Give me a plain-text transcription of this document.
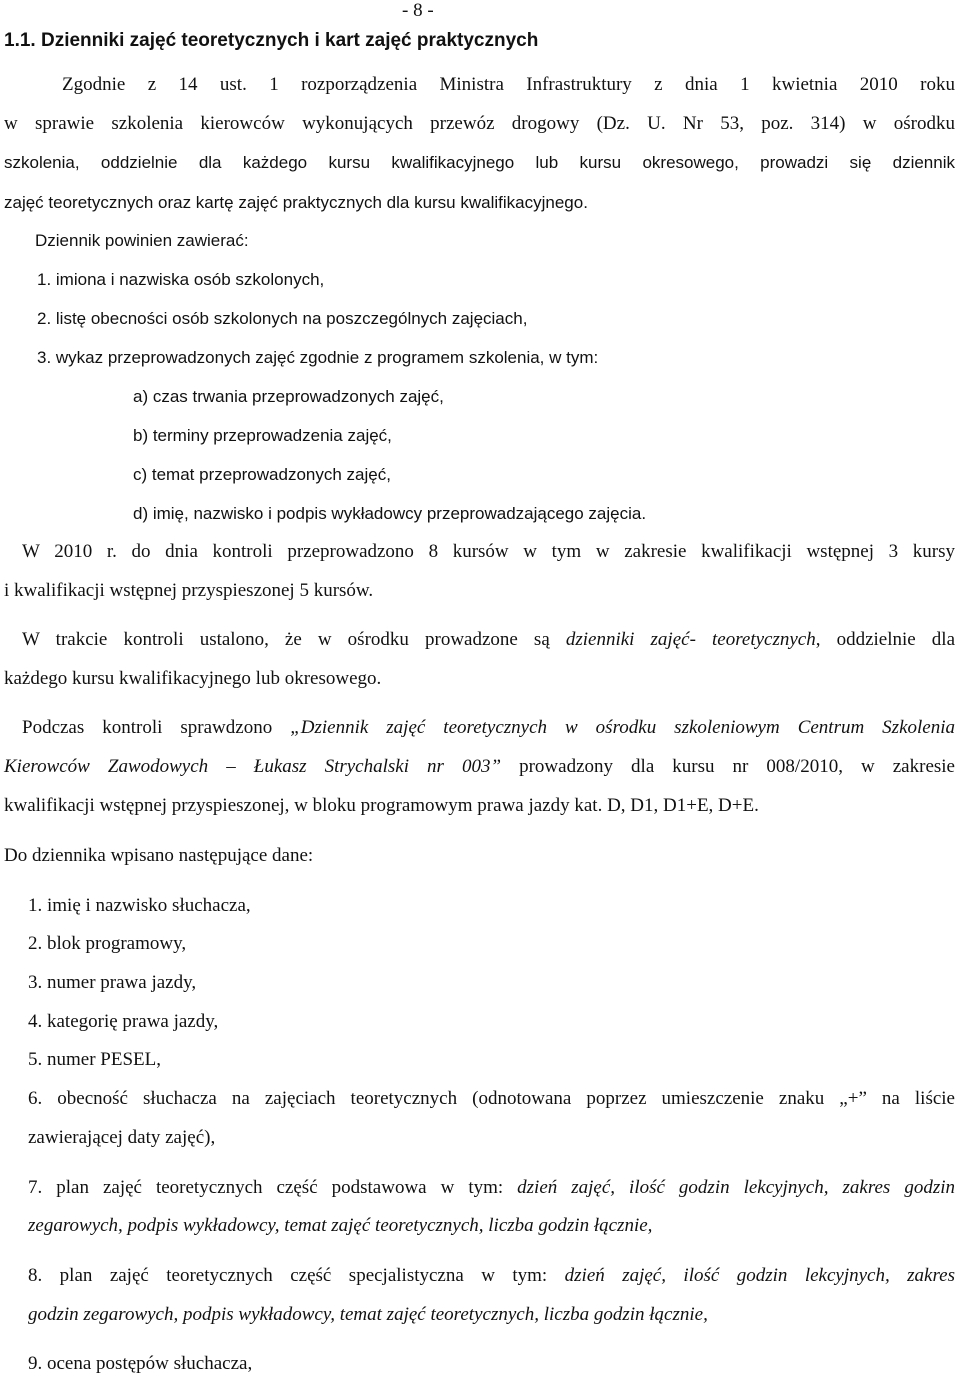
- 8 -
1.1. Dzienniki zajęć teoretycznych i kart zajęć praktycznych
Zgodnie z 14 ust. 1 rozporządzenia Ministra Infrastruktury z dnia 1 kwietnia 2010 roku
w sprawie szkolenia kierowców wykonujących przewóz drogowy (Dz. U. Nr 53, poz. 314) w ośrodku
szkolenia, oddzielnie dla każdego kursu kwalifikacyjnego lub kursu okresowego, prowadzi się dziennik
zajęć teoretycznych oraz kartę zajęć praktycznych dla kursu kwalifikacyjnego.
Dziennik powinien zawierać:
1. imiona i nazwiska osób szkolonych,
2. listę obecności osób szkolonych na poszczególnych zajęciach,
3. wykaz przeprowadzonych zajęć zgodnie z programem szkolenia, w tym:
a) czas trwania przeprowadzonych zajęć,
b) terminy przeprowadzenia zajęć,
c) temat przeprowadzonych zajęć,
d) imię, nazwisko i podpis wykładowcy przeprowadzającego zajęcia.
W 2010 r. do dnia kontroli przeprowadzono 8 kursów w tym w zakresie kwalifikacji wstępnej 3 kursy
i kwalifikacji wstępnej przyspieszonej 5 kursów.
W trakcie kontroli ustalono, że w ośrodku prowadzone są dzienniki zajęć- teoretycznych, oddzielnie dla
każdego kursu kwalifikacyjnego lub okresowego.
Podczas kontroli sprawdzono „Dziennik zajęć teoretycznych w ośrodku szkoleniowym Centrum Szkolenia
Kierowców Zawodowych – Łukasz Strychalski nr 003” prowadzony dla kursu nr 008/2010, w zakresie
kwalifikacji wstępnej przyspieszonej, w bloku programowym prawa jazdy kat. D, D1, D1+E, D+E.
Do dziennika wpisano następujące dane:
1. imię i nazwisko słuchacza,
2. blok programowy,
3. numer prawa jazdy,
4. kategorię prawa jazdy,
5. numer PESEL,
6. obecność słuchacza na zajęciach teoretycznych (odnotowana poprzez umieszczenie znaku „+” na liście
zawierającej daty zajęć),
7. plan zajęć teoretycznych część podstawowa w tym: dzień zajęć, ilość godzin lekcyjnych, zakres godzin
zegarowych, podpis wykładowcy, temat zajęć teoretycznych, liczba godzin łącznie,
8. plan zajęć teoretycznych część specjalistyczna w tym: dzień zajęć, ilość godzin lekcyjnych, zakres
godzin zegarowych, podpis wykładowcy, temat zajęć teoretycznych, liczba godzin łącznie,
9. ocena postępów słuchacza,
